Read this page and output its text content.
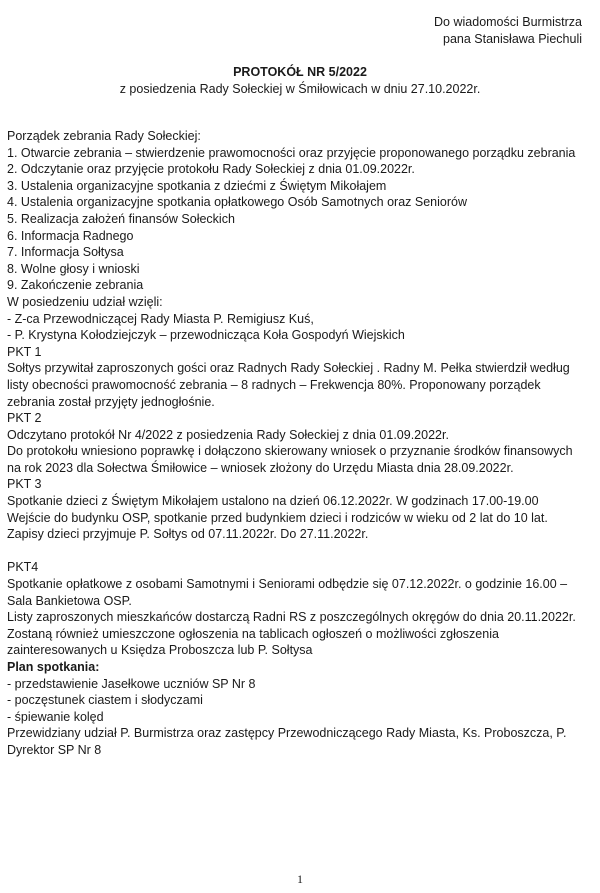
Do wiadomości Burmistrza
pana Stanisława Piechuli
PROTOKÓŁ NR 5/2022
z posiedzenia Rady Sołeckiej w Śmiłowicach w dniu 27.10.2022r.

Porządek zebrania Rady Sołeckiej:

1. Otwarcie zebrania – stwierdzenie prawomocności oraz przyjęcie proponowanego porządku zebrania

2. Odczytanie oraz przyjęcie protokołu Rady Sołeckiej z dnia 01.09.2022r.

3. Ustalenia organizacyjne spotkania z dziećmi z Świętym Mikołajem

4. Ustalenia organizacyjne spotkania opłatkowego Osób Samotnych oraz Seniorów

5. Realizacja założeń finansów Sołeckich

6. Informacja Radnego

7. Informacja Sołtysa

8. Wolne głosy i wnioski

9. Zakończenie zebrania

W posiedzeniu udział wzięli:

- Z-ca Przewodniczącej Rady Miasta P. Remigiusz Kuś,

- P. Krystyna Kołodziejczyk – przewodnicząca Koła Gospodyń Wiejskich

PKT 1

Sołtys przywitał zaproszonych gości oraz Radnych Rady Sołeckiej . Radny M. Pełka stwierdził według listy obecności prawomocność zebrania – 8 radnych – Frekwencja 80%. Proponowany porządek zebrania został przyjęty jednogłośnie.

PKT 2

Odczytano protokół Nr 4/2022 z posiedzenia Rady Sołeckiej z dnia 01.09.2022r.

Do protokołu wniesiono poprawkę i dołączono skierowany wniosek o przyznanie środków finansowych na rok 2023 dla Sołectwa Śmiłowice – wniosek złożony do Urzędu Miasta dnia 28.09.2022r.

PKT 3

Spotkanie dzieci z Świętym Mikołajem ustalono na dzień 06.12.2022r. W godzinach 17.00-19.00

Wejście do budynku OSP, spotkanie przed budynkiem dzieci i rodziców w wieku od 2 lat do 10 lat.

Zapisy dzieci przyjmuje P. Sołtys od 07.11.2022r. Do 27.11.2022r.

PKT4

Spotkanie opłatkowe z osobami Samotnymi i Seniorami odbędzie się 07.12.2022r. o godzinie 16.00 – Sala Bankietowa OSP.

Listy zaproszonych mieszkańców dostarczą Radni RS z poszczególnych okręgów do dnia 20.11.2022r. Zostaną również umieszczone ogłoszenia na tablicach ogłoszeń o możliwości zgłoszenia zainteresowanych u Księdza Proboszcza lub P. Sołtysa

Plan spotkania:

- przedstawienie Jasełkowe uczniów SP Nr 8

- poczęstunek ciastem i słodyczami

- śpiewanie kolęd

Przewidziany udział P. Burmistrza oraz zastępcy Przewodniczącego Rady Miasta, Ks. Proboszcza, P. Dyrektor SP Nr 8

1
